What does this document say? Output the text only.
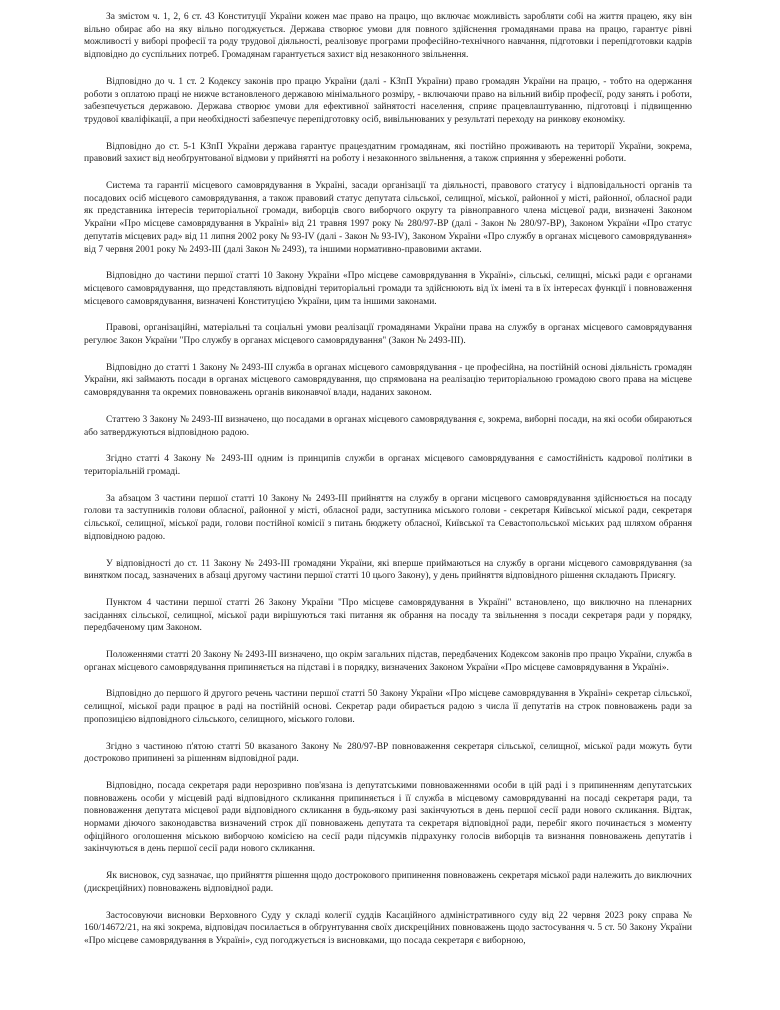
За змістом ч. 1, 2, 6 ст. 43 Конституції України кожен має право на працю, що включає можливість заробляти собі на життя працею, яку він вільно обирає або на яку вільно погоджується. Держава створює умови для повного здійснення громадянами права на працю, гарантує рівні можливості у виборі професії та роду трудової діяльності, реалізовує програми професійно-технічного навчання, підготовки і перепідготовки кадрів відповідно до суспільних потреб. Громадянам гарантується захист від незаконного звільнення.

Відповідно до ч. 1 ст. 2 Кодексу законів про працю України (далі - КЗпП України) право громадян України на працю, - тобто на одержання роботи з оплатою праці не нижче встановленого державою мінімального розміру, - включаючи право на вільний вибір професії, роду занять і роботи, забезпечується державою. Держава створює умови для ефективної зайнятості населення, сприяє працевлаштуванню, підготовці і підвищенню трудової кваліфікації, а при необхідності забезпечує перепідготовку осіб, вивільнюваних у результаті переходу на ринкову економіку.

Відповідно до ст. 5-1 КЗпП України держава гарантує працездатним громадянам, які постійно проживають на території України, зокрема, правовий захист від необґрунтованої відмови у прийнятті на роботу і незаконного звільнення, а також сприяння у збереженні роботи.

Система та гарантії місцевого самоврядування в Україні, засади організації та діяльності, правового статусу і відповідальності органів та посадових осіб місцевого самоврядування, а також правовий статус депутата сільської, селищної, міської, районної у місті, районної, обласної ради як представника інтересів територіальної громади, виборців свого виборчого округу та рівноправного члена місцевої ради, визначені Законом України «Про місцеве самоврядування в Україні» від 21 травня 1997 року № 280/97-ВР (далі - Закон № 280/97-ВР), Законом України «Про статус депутатів місцевих рад» від 11 липня 2002 року № 93-IV (далі - Закон № 93-IV), Законом України «Про службу в органах місцевого самоврядування» від 7 червня 2001 року № 2493-III (далі Закон № 2493), та іншими нормативно-правовими актами.

Відповідно до частини першої статті 10 Закону України «Про місцеве самоврядування в Україні», сільські, селищні, міські ради є органами місцевого самоврядування, що представляють відповідні територіальні громади та здійснюють від їх імені та в їх інтересах функції і повноваження місцевого самоврядування, визначені Конституцією України, цим та іншими законами.

Правові, організаційні, матеріальні та соціальні умови реалізації громадянами України права на службу в органах місцевого самоврядування регулює Закон України "Про службу в органах місцевого самоврядування" (Закон № 2493-III).

Відповідно до статті 1 Закону № 2493-III служба в органах місцевого самоврядування - це професійна, на постійній основі діяльність громадян України, які займають посади в органах місцевого самоврядування, що спрямована на реалізацію територіальною громадою свого права на місцеве самоврядування та окремих повноважень органів виконавчої влади, наданих законом.

Статтею 3 Закону № 2493-III визначено, що посадами в органах місцевого самоврядування є, зокрема, виборні посади, на які особи обираються або затверджуються відповідною радою.

Згідно статті 4 Закону № 2493-III одним із принципів служби в органах місцевого самоврядування є самостійність кадрової політики в територіальній громаді.

За абзацом 3 частини першої статті 10 Закону № 2493-III прийняття на службу в органи місцевого самоврядування здійснюється на посаду голови та заступників голови обласної, районної у місті, обласної ради, заступника міського голови - секретаря Київської міської ради, секретаря сільської, селищної, міської ради, голови постійної комісії з питань бюджету обласної, Київської та Севастопольської міських рад шляхом обрання відповідною радою.

У відповідності до ст. 11 Закону № 2493-III громадяни України, які вперше приймаються на службу в органи місцевого самоврядування (за винятком посад, зазначених в абзаці другому частини першої статті 10 цього Закону), у день прийняття відповідного рішення складають Присягу.

Пунктом 4 частини першої статті 26 Закону України "Про місцеве самоврядування в Україні" встановлено, що виключно на пленарних засіданнях сільської, селищної, міської ради вирішуються такі питання як обрання на посаду та звільнення з посади секретаря ради у порядку, передбаченому цим Законом.

Положеннями статті 20 Закону № 2493-III визначено, що окрім загальних підстав, передбачених Кодексом законів про працю України, служба в органах місцевого самоврядування припиняється на підставі і в порядку, визначених Законом України «Про місцеве самоврядування в Україні».

Відповідно до першого й другого речень частини першої статті 50 Закону України «Про місцеве самоврядування в Україні» секретар сільської, селищної, міської ради працює в раді на постійній основі. Секретар ради обирається радою з числа її депутатів на строк повноважень ради за пропозицією відповідного сільського, селищного, міського голови.

Згідно з частиною п'ятою статті 50 вказаного Закону № 280/97-ВР повноваження секретаря сільської, селищної, міської ради можуть бути достроково припинені за рішенням відповідної ради.

Відповідно, посада секретаря ради нерозривно пов'язана із депутатськими повноваженнями особи в цій раді і з припиненням депутатських повноважень особи у місцевій раді відповідного скликання припиняється і її служба в місцевому самоврядуванні на посаді секретаря ради, та повноваження депутата місцевої ради відповідного скликання в будь-якому разі закінчуються в день першої сесії ради нового скликання. Відтак, нормами діючого законодавства визначений строк дії повноважень депутата та секретаря відповідної ради, перебіг якого починається з моменту офіційного оголошення міською виборчою комісією на сесії ради підсумків підрахунку голосів виборців та визнання повноважень депутатів і закінчуються в день першої сесії ради нового скликання.

Як висновок, суд зазначає, що прийняття рішення щодо дострокового припинення повноважень секретаря міської ради належить до виключних (дискреційних) повноважень відповідної ради.

Застосовуючи висновки Верховного Суду у складі колегії суддів Касаційного адміністративного суду від 22 червня 2023 року справа № 160/14672/21, на які зокрема, відповідач посилається в обґрунтування своїх дискреційних повноважень щодо застосування ч. 5 ст. 50 Закону України «Про місцеве самоврядування в Україні», суд погоджується із висновками, що посада секретаря є виборною,
